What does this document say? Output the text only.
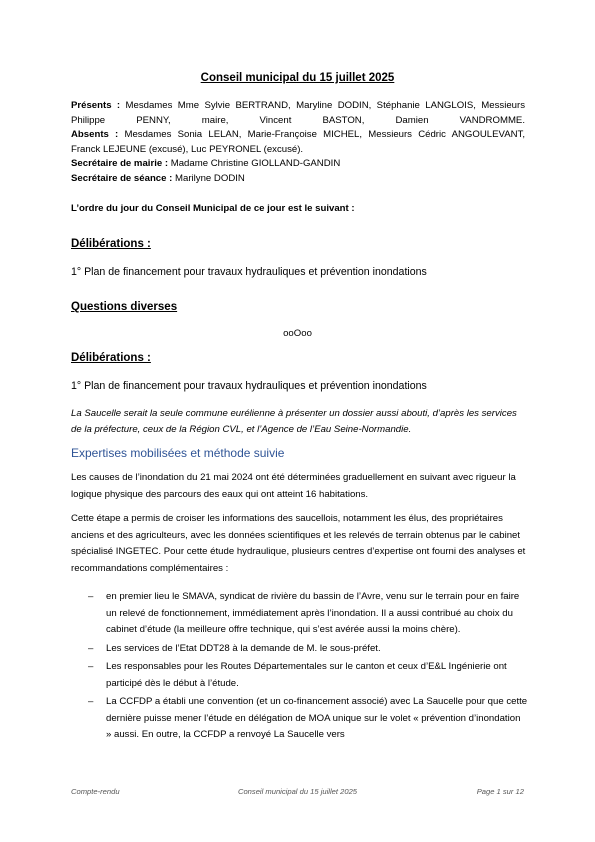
Conseil municipal du 15 juillet 2025

Présents : Mesdames Mme Sylvie BERTRAND, Maryline DODIN, Stéphanie LANGLOIS, Messieurs Philippe PENNY, maire, Vincent BASTON, Damien VANDROMME.

Absents : Mesdames Sonia LELAN, Marie-Françoise MICHEL, Messieurs Cédric ANGOULEVANT, Franck LEJEUNE (excusé), Luc PEYRONEL (excusé).

Secrétaire de mairie : Madame Christine GIOLLAND-GANDIN

Secrétaire de séance : Marilyne DODIN

L’ordre du jour du Conseil Municipal de ce jour est le suivant :
Délibérations :
1° Plan de financement pour travaux hydrauliques et prévention inondations
Questions diverses
ooOoo
Délibérations :
1° Plan de financement pour travaux hydrauliques et prévention inondations
La Saucelle serait la seule commune eurélienne à présenter un dossier aussi abouti, d’après les services de la préfecture, ceux de la Région CVL, et l’Agence de l’Eau Seine-Normandie.
Expertises mobilisées et méthode suivie

Les causes de l’inondation du 21 mai 2024 ont été déterminées graduellement en suivant avec rigueur la logique physique des parcours des eaux qui ont atteint 16 habitations.

Cette étape a permis de croiser les informations des saucellois, notamment les élus, des propriétaires anciens et des agriculteurs, avec les données scientifiques et les relevés de terrain obtenus par le cabinet spécialisé INGETEC. Pour cette étude hydraulique, plusieurs centres d’expertise ont fourni des analyses et recommandations complémentaires :

– en premier lieu le SMAVA, syndicat de rivière du bassin de l’Avre, venu sur le terrain pour en faire un relevé de fonctionnement, immédiatement après l’inondation. Il a aussi contribué au choix du cabinet d’étude (la meilleure offre technique, qui s’est avérée aussi la moins chère).
– Les services de l’Etat DDT28 à la demande de M. le sous-préfet.
– Les responsables pour les Routes Départementales sur le canton et ceux d’E&L Ingénierie ont participé dès le début à l’étude.
– La CCFDP a établi une convention (et un co-financement associé) avec La Saucelle pour que cette dernière puisse mener l’étude en délégation de MOA unique sur le volet « prévention d’inondation » aussi. En outre, la CCFDP a renvoyé La Saucelle vers
Compte-rendu	Conseil municipal du 15 juillet 2025	Page 1 sur 12
